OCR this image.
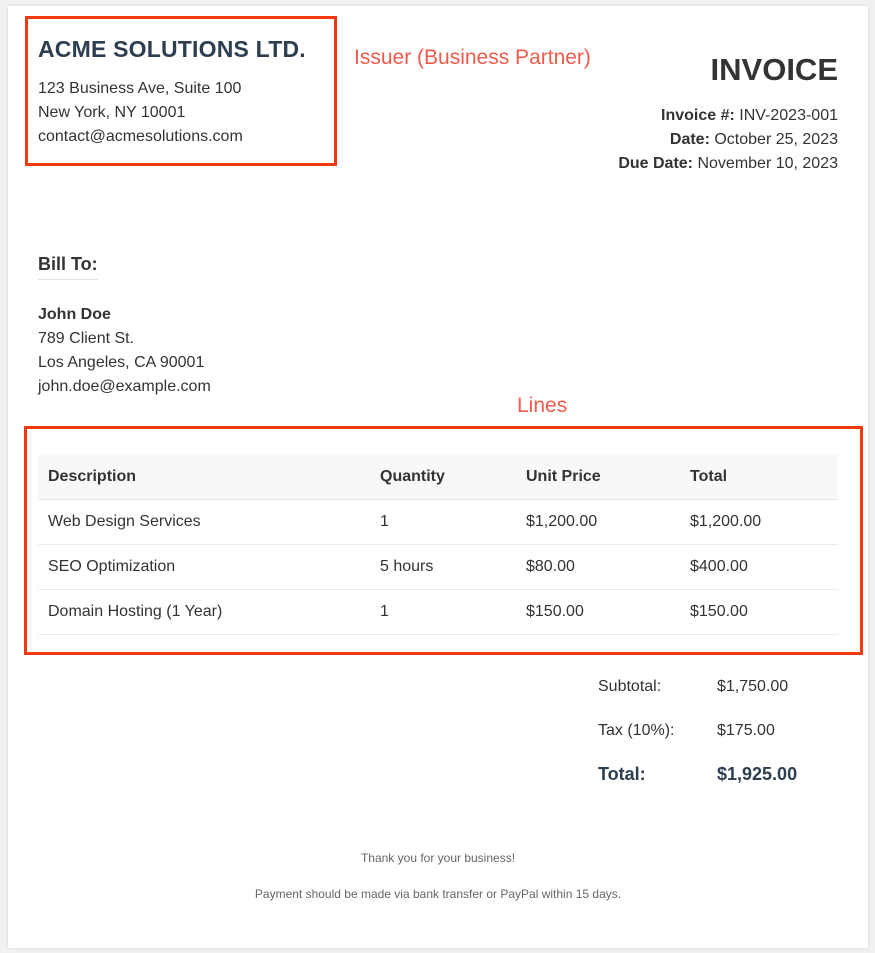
ACME SOLUTIONS LTD.
123 Business Ave, Suite 100
New York, NY 10001
contact@acmesolutions.com
Issuer (Business Partner)	INVOICE
Invoice #: INV-2023-001
Date: October 25, 2023
Due Date: November 10, 2023
Bill To:
John Doe
789 Client St.
Los Angeles, CA 90001
john.doe@example.com
Lines
Description	Quantity	Unit Price	Total
Web Design Services	1	$1,200.00	$1,200.00
SEO Optimization	5 hours	$80.00	$400.00
Domain Hosting (1 Year)	1	$150.00	$150.00
Subtotal:	$1,750.00
Tax (10%):	$175.00
Total:	$1,925.00
Thank you for your business!
Payment should be made via bank transfer or PayPal within 15 days.
